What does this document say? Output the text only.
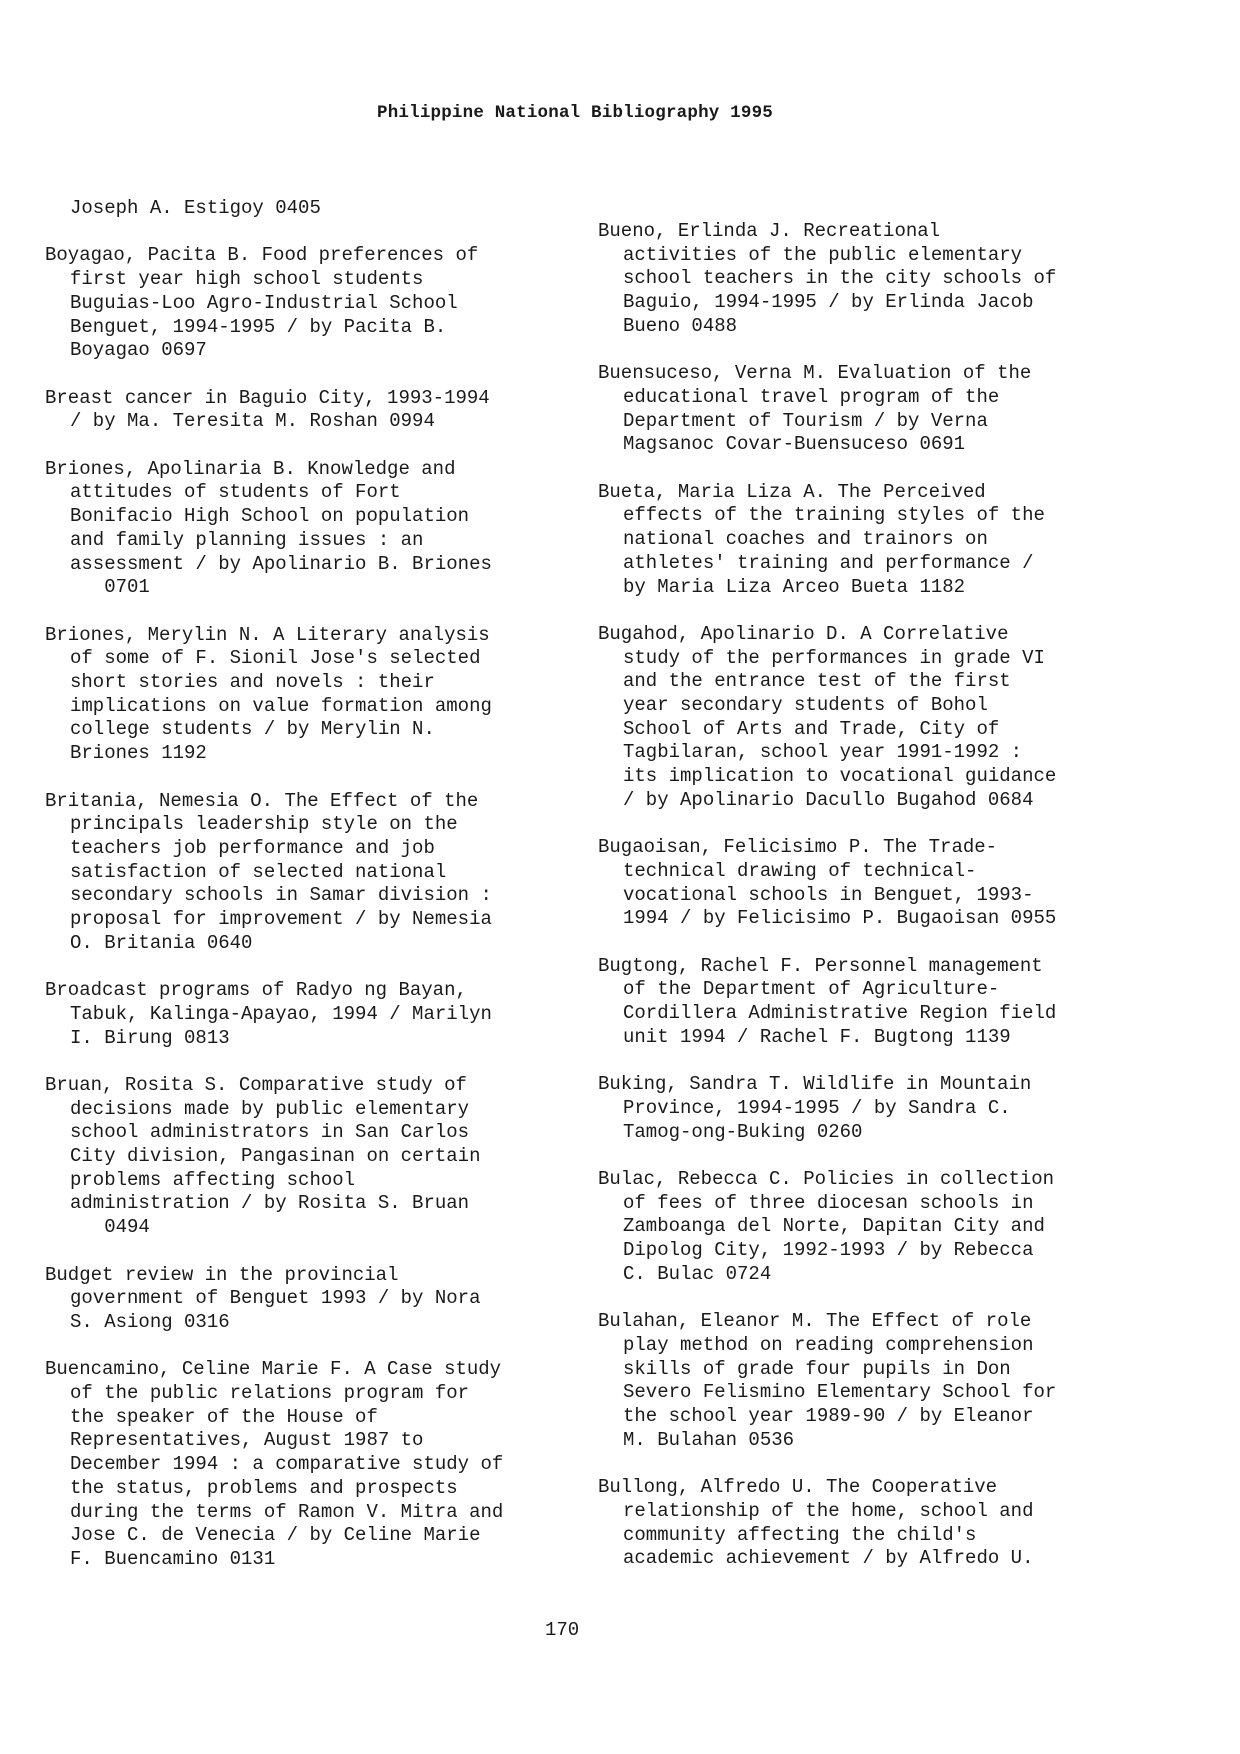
Philippine National Bibliography 1995

Joseph A. Estigoy 0405

Boyagao, Pacita B. Food preferences of
first year high school students
Buguias-Loo Agro-Industrial School
Benguet, 1994-1995 / by Pacita B.
Boyagao 0697

Breast cancer in Baguio City, 1993-1994
/ by Ma. Teresita M. Roshan 0994

Briones, Apolinaria B. Knowledge and
attitudes of students of Fort
Bonifacio High School on population
and family planning issues : an
assessment / by Apolinario B. Briones
0701

Briones, Merylin N. A Literary analysis
of some of F. Sionil Jose's selected
short stories and novels : their
implications on value formation among
college students / by Merylin N.
Briones 1192

Britania, Nemesia O. The Effect of the
principals leadership style on the
teachers job performance and job
satisfaction of selected national
secondary schools in Samar division :
proposal for improvement / by Nemesia
O. Britania 0640

Broadcast programs of Radyo ng Bayan,
Tabuk, Kalinga-Apayao, 1994 / Marilyn
I. Birung 0813

Bruan, Rosita S. Comparative study of
decisions made by public elementary
school administrators in San Carlos
City division, Pangasinan on certain
problems affecting school
administration / by Rosita S. Bruan
0494

Budget review in the provincial
government of Benguet 1993 / by Nora
S. Asiong 0316

Buencamino, Celine Marie F. A Case study
of the public relations program for
the speaker of the House of
Representatives, August 1987 to
December 1994 : a comparative study of
the status, problems and prospects
during the terms of Ramon V. Mitra and
Jose C. de Venecia / by Celine Marie
F. Buencamino 0131

Bueno, Erlinda J. Recreational
activities of the public elementary
school teachers in the city schools of
Baguio, 1994-1995 / by Erlinda Jacob
Bueno 0488

Buensuceso, Verna M. Evaluation of the
educational travel program of the
Department of Tourism / by Verna
Magsanoc Covar-Buensuceso 0691

Bueta, Maria Liza A. The Perceived
effects of the training styles of the
national coaches and trainors on
athletes' training and performance /
by Maria Liza Arceo Bueta 1182

Bugahod, Apolinario D. A Correlative
study of the performances in grade VI
and the entrance test of the first
year secondary students of Bohol
School of Arts and Trade, City of
Tagbilaran, school year 1991-1992 :
its implication to vocational guidance
/ by Apolinario Dacullo Bugahod 0684

Bugaoisan, Felicisimo P. The Trade-
technical drawing of technical-
vocational schools in Benguet, 1993-
1994 / by Felicisimo P. Bugaoisan 0955

Bugtong, Rachel F. Personnel management
of the Department of Agriculture-
Cordillera Administrative Region field
unit 1994 / Rachel F. Bugtong 1139

Buking, Sandra T. Wildlife in Mountain
Province, 1994-1995 / by Sandra C.
Tamog-ong-Buking 0260

Bulac, Rebecca C. Policies in collection
of fees of three diocesan schools in
Zamboanga del Norte, Dapitan City and
Dipolog City, 1992-1993 / by Rebecca
C. Bulac 0724

Bulahan, Eleanor M. The Effect of role
play method on reading comprehension
skills of grade four pupils in Don
Severo Felismino Elementary School for
the school year 1989-90 / by Eleanor
M. Bulahan 0536

Bullong, Alfredo U. The Cooperative
relationship of the home, school and
community affecting the child's
academic achievement / by Alfredo U.

170
